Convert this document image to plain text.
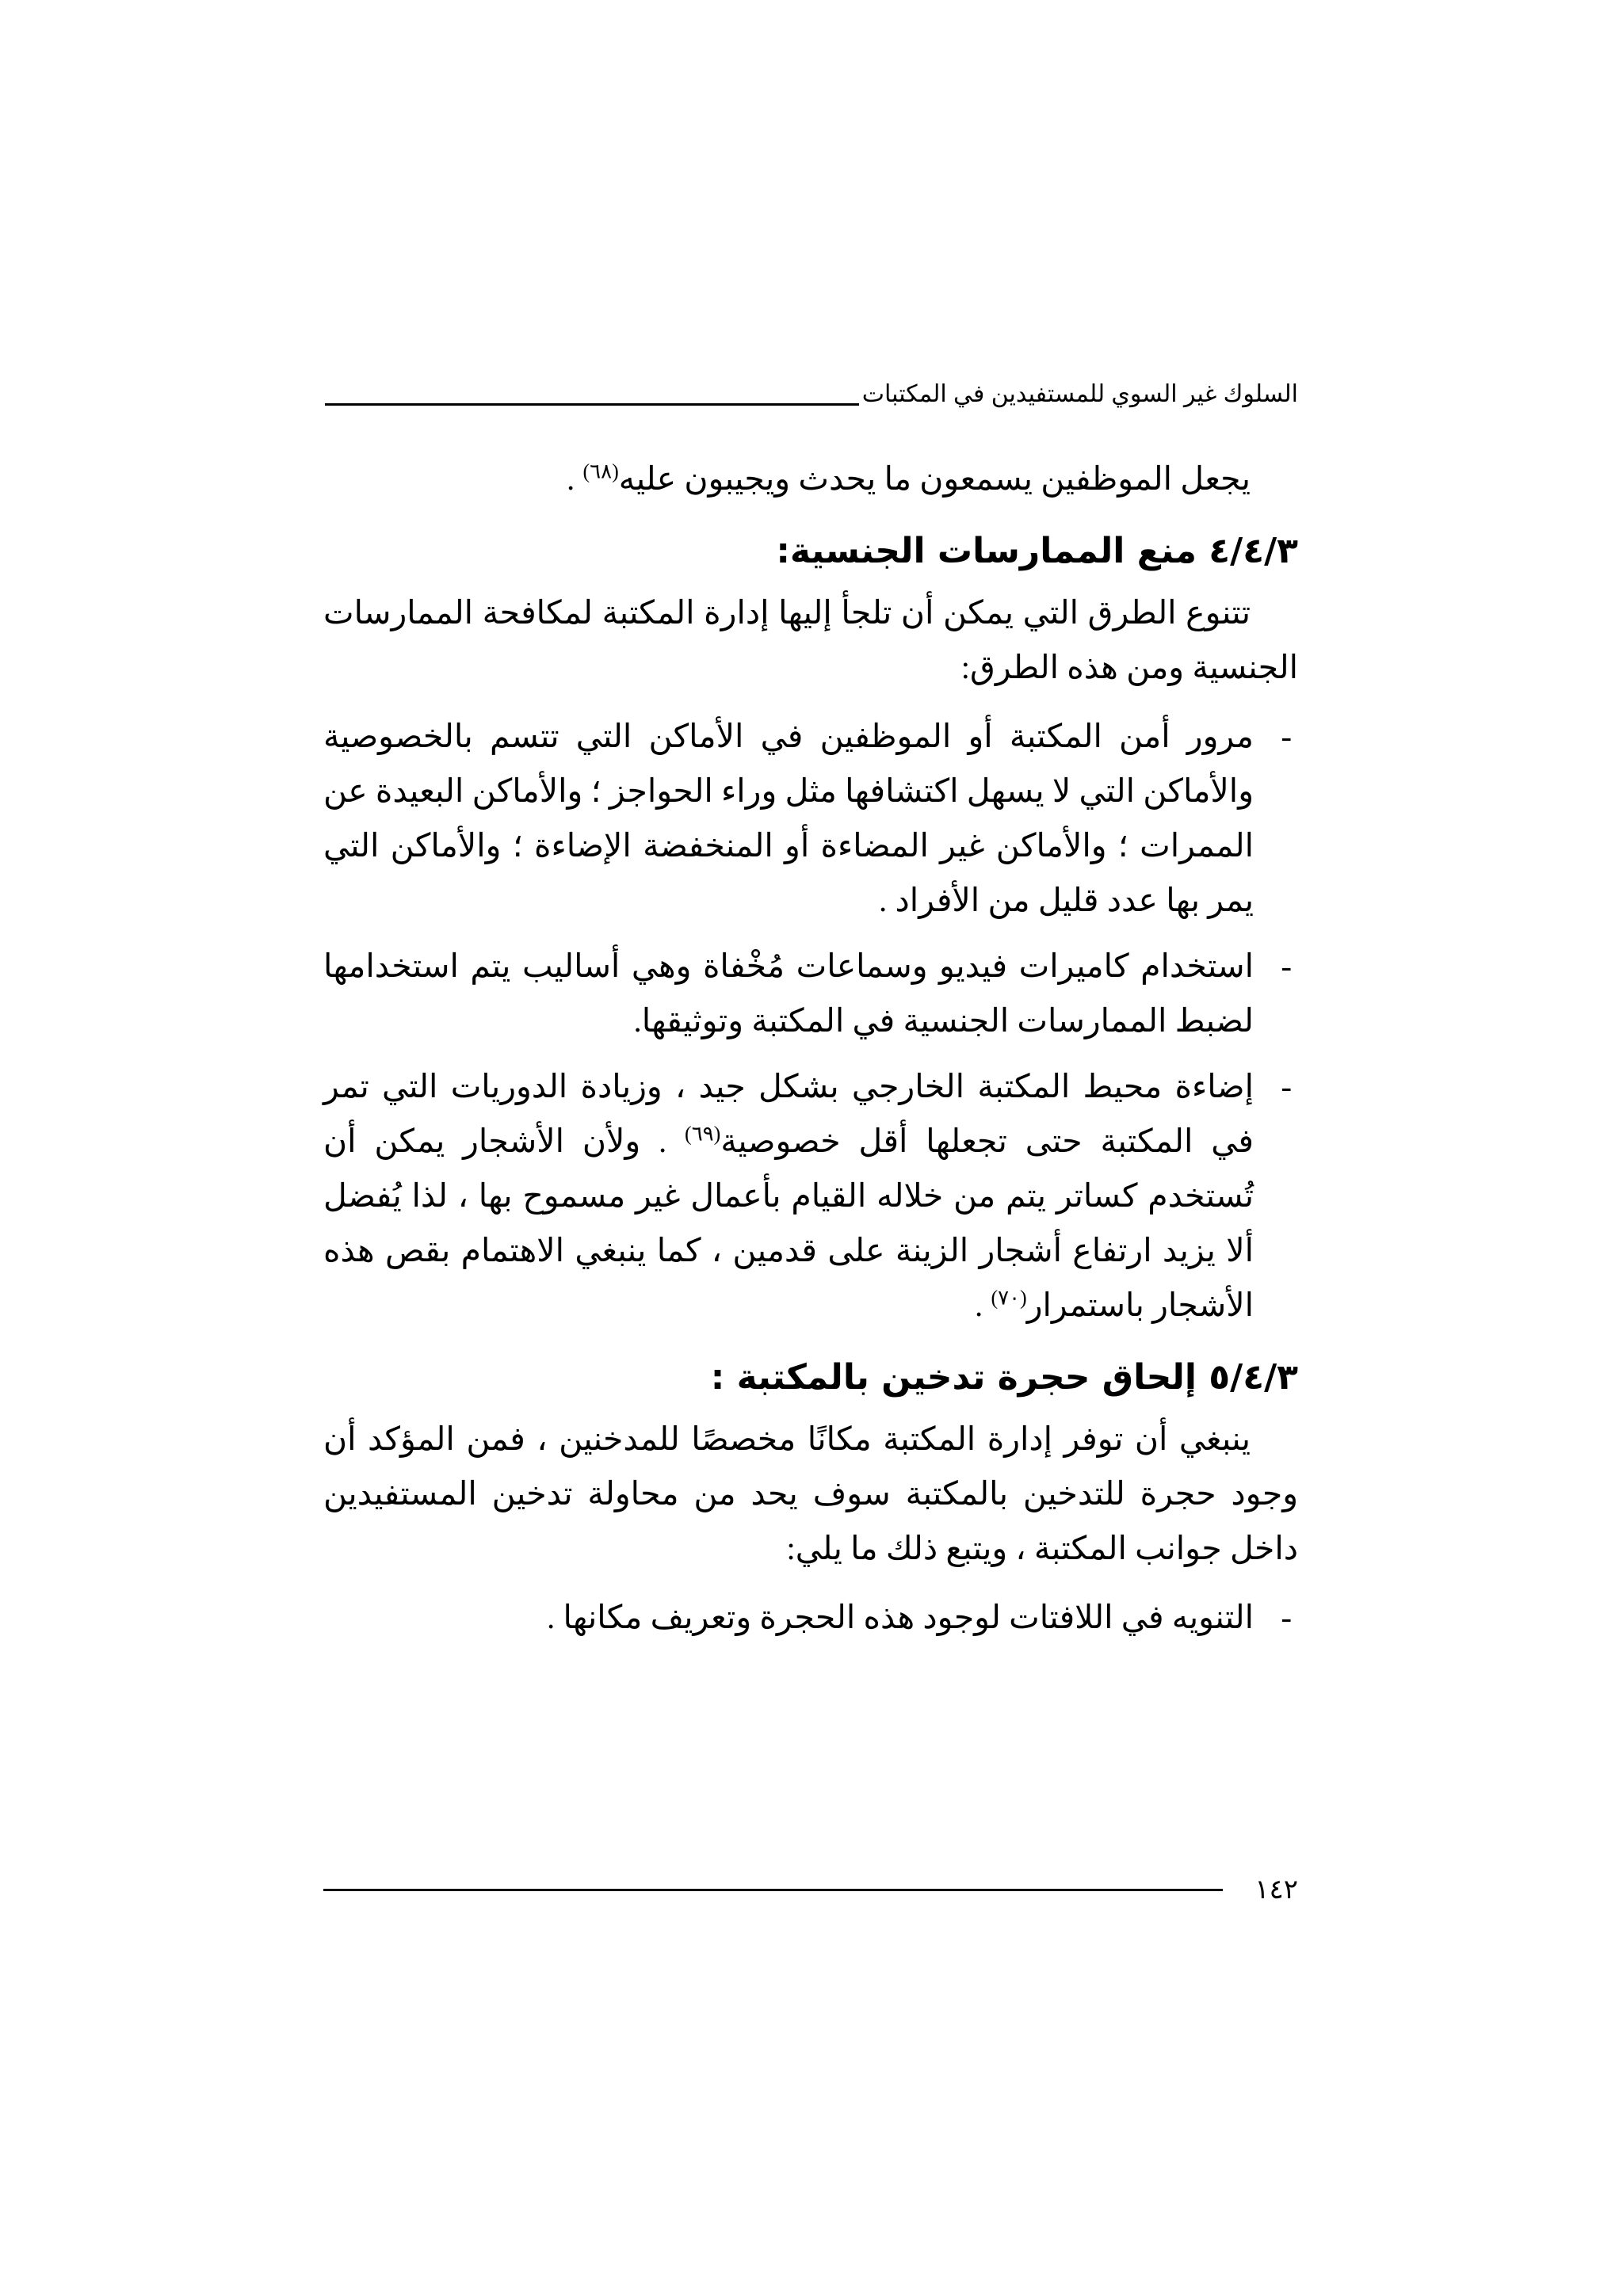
السلوك غير السوي للمستفيدين في المكتبات

يجعل الموظفين يسمعون ما يحدث ويجيبون عليه$^{(٦٨)}$ .

٤/٤/٣ منع الممارسات الجنسية:

تتنوع الطرق التي يمكن أن تلجأ إليها إدارة المكتبة لمكافحة الممارسات الجنسية ومن هذه الطرق:

-
مرور أمن المكتبة أو الموظفين في الأماكن التي تتسم بالخصوصية والأماكن التي لا يسهل اكتشافها مثل وراء الحواجز ؛ والأماكن البعيدة عن الممرات ؛ والأماكن غير المضاءة أو المنخفضة الإضاءة ؛ والأماكن التي يمر بها عدد قليل من الأفراد .
-
استخدام كاميرات فيديو وسماعات مُخْفاة وهي أساليب يتم استخدامها لضبط الممارسات الجنسية في المكتبة وتوثيقها.
-
إضاءة محيط المكتبة الخارجي بشكل جيد ، وزيادة الدوريات التي تمر في المكتبة حتى تجعلها أقل خصوصية$^{(٦٩)}$ . ولأن الأشجار يمكن أن تُستخدم كساتر يتم من خلاله القيام بأعمال غير مسموح بها ، لذا يُفضل ألا يزيد ارتفاع أشجار الزينة على قدمين ، كما ينبغي الاهتمام بقص هذه الأشجار باستمرار$^{(٧٠)}$ .
٥/٤/٣ إلحاق حجرة تدخين بالمكتبة :

ينبغي أن توفر إدارة المكتبة مكانًا مخصصًا للمدخنين ، فمن المؤكد أن وجود حجرة للتدخين بالمكتبة سوف يحد من محاولة تدخين المستفيدين داخل جوانب المكتبة ، ويتبع ذلك ما يلي:

-
التنويه في اللافتات لوجود هذه الحجرة وتعريف مكانها .
١٤٢
